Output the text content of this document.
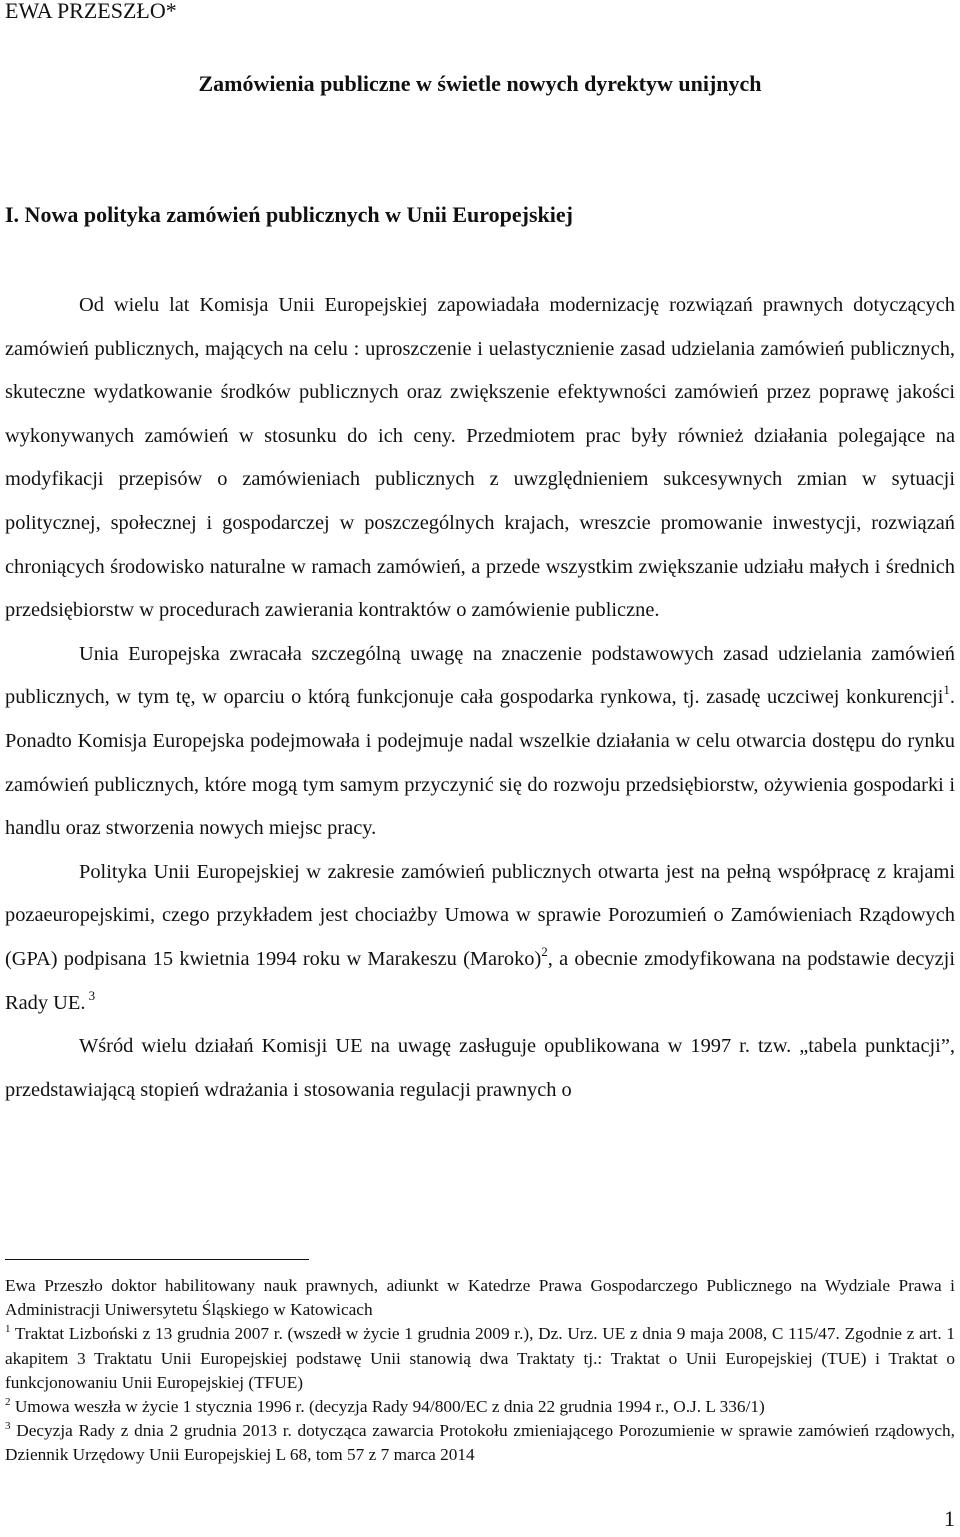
EWA PRZESZŁO*
Zamówienia publiczne w świetle nowych dyrektyw unijnych
I. Nowa polityka zamówień publicznych w Unii Europejskiej

Od wielu lat Komisja Unii Europejskiej zapowiadała modernizację rozwiązań prawnych dotyczących zamówień publicznych, mających na celu : uproszczenie i uelastycznienie zasad udzielania zamówień publicznych, skuteczne wydatkowanie środków publicznych oraz zwiększenie efektywności zamówień przez poprawę jakości wykonywanych zamówień w stosunku do ich ceny. Przedmiotem prac były również działania polegające na modyfikacji przepisów o zamówieniach publicznych z uwzględnieniem sukcesywnych zmian w sytuacji politycznej, społecznej i gospodarczej w poszczególnych krajach, wreszcie promowanie inwestycji, rozwiązań chroniących środowisko naturalne w ramach zamówień, a przede wszystkim zwiększanie udziału małych i średnich przedsiębiorstw w procedurach zawierania kontraktów o zamówienie publiczne.

Unia Europejska zwracała szczególną uwagę na znaczenie podstawowych zasad udzielania zamówień publicznych, w tym tę, w oparciu o którą funkcjonuje cała gospodarka rynkowa, tj. zasadę uczciwej konkurencji$^1$. Ponadto Komisja Europejska podejmowała i podejmuje nadal wszelkie działania w celu otwarcia dostępu do rynku zamówień publicznych, które mogą tym samym przyczynić się do rozwoju przedsiębiorstw, ożywienia gospodarki i handlu oraz stworzenia nowych miejsc pracy.

Polityka Unii Europejskiej w zakresie zamówień publicznych otwarta jest na pełną współpracę z krajami pozaeuropejskimi, czego przykładem jest chociażby Umowa w sprawie Porozumień o Zamówieniach Rządowych (GPA) podpisana 15 kwietnia 1994 roku w Marakeszu (Maroko)$^2$, a obecnie zmodyfikowana na podstawie decyzji Rady UE. $^3$

Wśród wielu działań Komisji UE na uwagę zasługuje opublikowana w 1997 r. tzw. „tabela punktacji”, przedstawiającą stopień wdrażania i stosowania regulacji prawnych o

Ewa Przeszło doktor habilitowany nauk prawnych, adiunkt w Katedrze Prawa Gospodarczego Publicznego na Wydziale Prawa i Administracji Uniwersytetu Śląskiego w Katowicach

$^1$ Traktat Lizboński z 13 grudnia 2007 r. (wszedł w życie 1 grudnia 2009 r.), Dz. Urz. UE z dnia 9 maja 2008, C 115/47. Zgodnie z art. 1 akapitem 3 Traktatu Unii Europejskiej podstawę Unii stanowią dwa Traktaty tj.: Traktat o Unii Europejskiej (TUE) i Traktat o funkcjonowaniu Unii Europejskiej (TFUE)

$^2$ Umowa weszła w życie 1 stycznia 1996 r. (decyzja Rady 94/800/EC z dnia 22 grudnia 1994 r., O.J. L 336/1)

$^3$ Decyzja Rady z dnia 2 grudnia 2013 r. dotycząca zawarcia Protokołu zmieniającego Porozumienie w sprawie zamówień rządowych, Dziennik Urzędowy Unii Europejskiej L 68, tom 57 z 7 marca 2014

1
